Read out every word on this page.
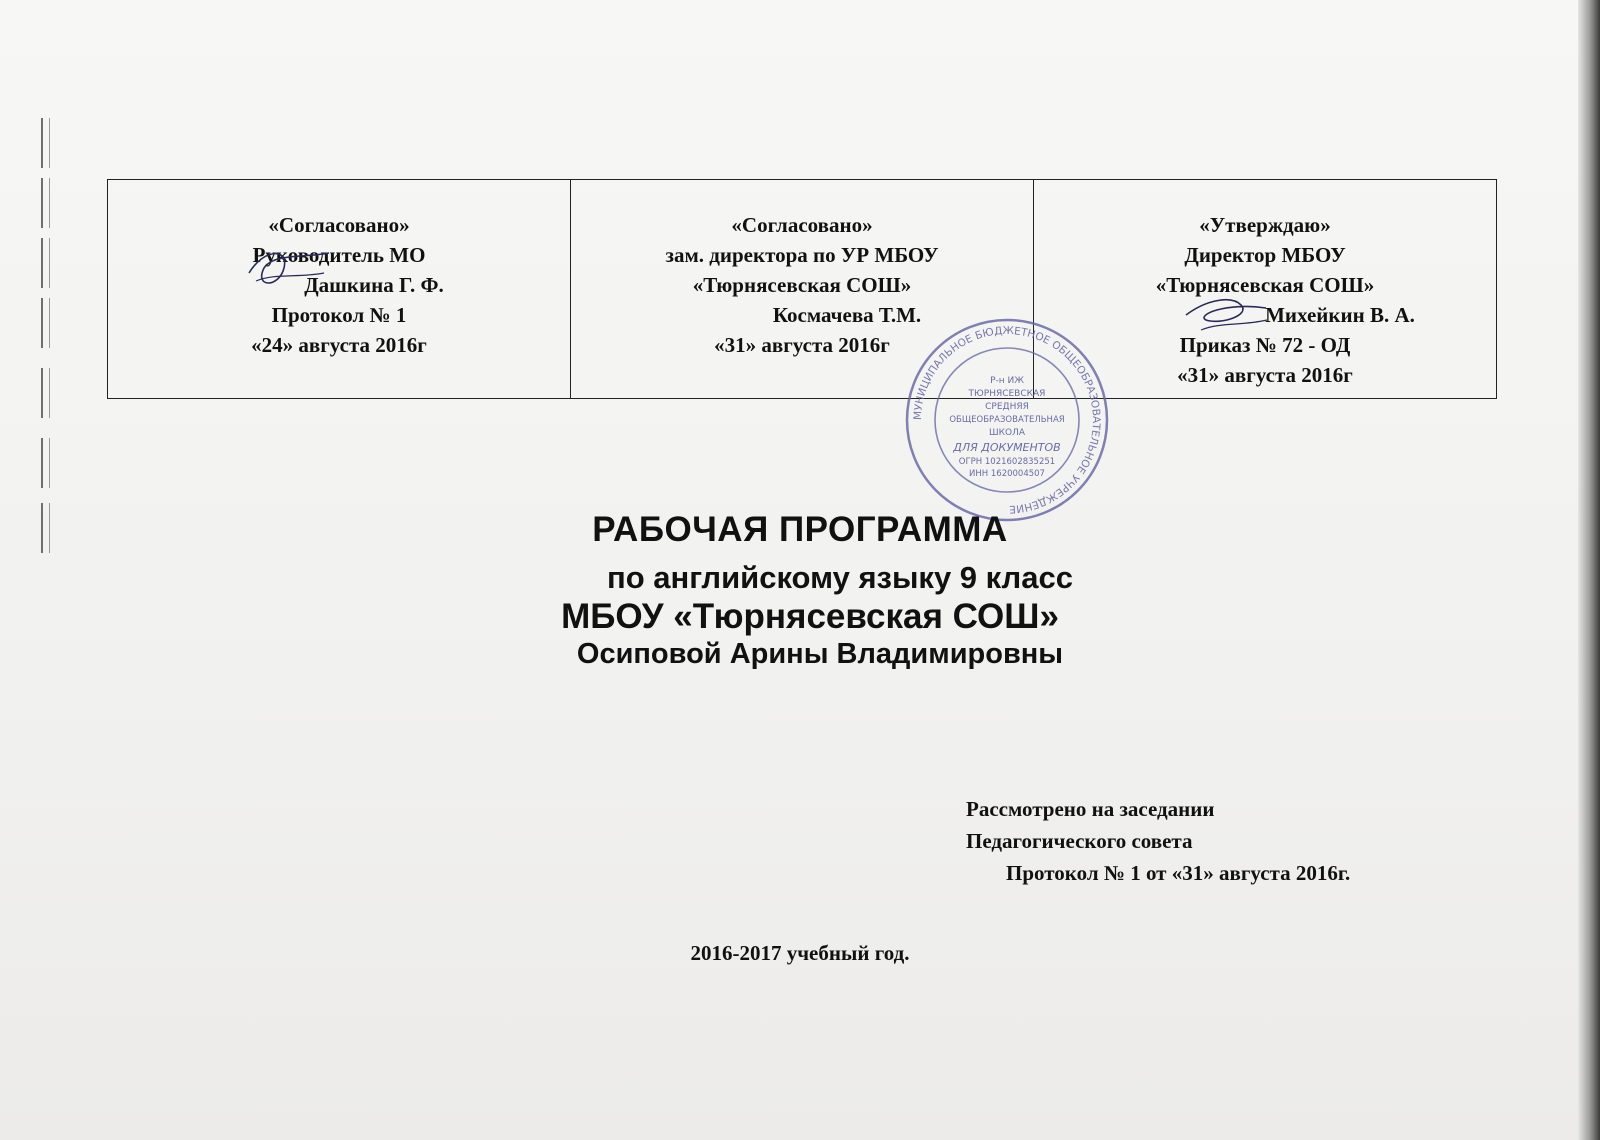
«Согласовано»
Руководитель МО
Дашкина Г. Ф.
Протокол № 1
«24» августа 2016г

«Согласовано»
зам. директора по УР МБОУ
«Тюрнясевская СОШ»
Космачева Т.М.
«31» августа 2016г

«Утверждаю»
Директор МБОУ
«Тюрнясевская СОШ»
Михейкин В. А.
Приказ № 72 - ОД
«31» августа 2016г
МУНИЦИПАЛЬНОЕ БЮДЖЕТНОЕ ОБЩЕОБРАЗОВАТЕЛЬНОЕ УЧРЕЖДЕНИЕ
Р-н ИЖ
ТЮРНЯСЕВСКАЯ
СРЕДНЯЯ
ОБЩЕОБРАЗОВАТЕЛЬНАЯ
ШКОЛА
ДЛЯ ДОКУМЕНТОВ
ОГРН 1021602835251
ИНН 1620004507
РАБОЧАЯ ПРОГРАММА
по английскому языку 9 класс
МБОУ «Тюрнясевская СОШ»
Осиповой Арины Владимировны
Рассмотрено на заседании
Педагогического совета
Протокол № 1 от «31» августа 2016г.
2016-2017 учебный год.
